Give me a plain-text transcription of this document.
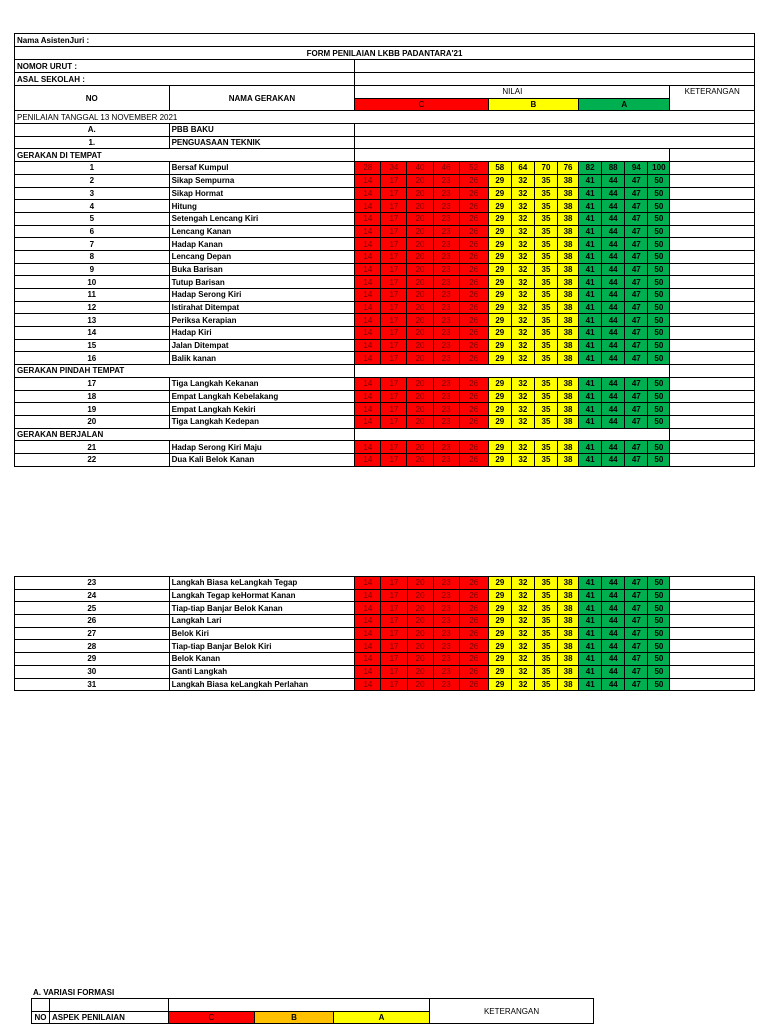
Nama AsistenJuri :															
FORM PENILAIAN LKBB PADANTARA'21															
NOMOR URUT :															
ASAL SEKOLAH :															
NO	NAMA GERAKAN	NILAI													KETERANGAN
		C					B				A				
PENILAIAN TANGGAL 13 NOVEMBER 2021															
A.	PBB BAKU														
1.	PENGUASAAN TEKNIK														
GERAKAN DI TEMPAT															
1	Bersaf Kumpul	28	34	40	46	52	58	64	70	76	82	88	94	100	
2	Sikap Sempurna	14	17	20	23	26	29	32	35	38	41	44	47	50	
3	Sikap Hormat	14	17	20	23	26	29	32	35	38	41	44	47	50	
4	Hitung	14	17	20	23	26	29	32	35	38	41	44	47	50	
5	Setengah Lencang Kiri	14	17	20	23	26	29	32	35	38	41	44	47	50	
6	Lencang Kanan	14	17	20	23	26	29	32	35	38	41	44	47	50	
7	Hadap Kanan	14	17	20	23	26	29	32	35	38	41	44	47	50	
8	Lencang Depan	14	17	20	23	26	29	32	35	38	41	44	47	50	
9	Buka Barisan	14	17	20	23	26	29	32	35	38	41	44	47	50	
10	Tutup Barisan	14	17	20	23	26	29	32	35	38	41	44	47	50	
11	Hadap Serong Kiri	14	17	20	23	26	29	32	35	38	41	44	47	50	
12	Istirahat Ditempat	14	17	20	23	26	29	32	35	38	41	44	47	50	
13	Periksa Kerapian	14	17	20	23	26	29	32	35	38	41	44	47	50	
14	Hadap Kiri	14	17	20	23	26	29	32	35	38	41	44	47	50	
15	Jalan Ditempat	14	17	20	23	26	29	32	35	38	41	44	47	50	
16	Balik kanan	14	17	20	23	26	29	32	35	38	41	44	47	50	
GERAKAN PINDAH TEMPAT															
17	Tiga Langkah Kekanan	14	17	20	23	26	29	32	35	38	41	44	47	50	
18	Empat Langkah Kebelakang	14	17	20	23	26	29	32	35	38	41	44	47	50	
19	Empat Langkah Kekiri	14	17	20	23	26	29	32	35	38	41	44	47	50	
20	Tiga Langkah Kedepan	14	17	20	23	26	29	32	35	38	41	44	47	50	
GERAKAN BERJALAN															
21	Hadap Serong Kiri Maju	14	17	20	23	26	29	32	35	38	41	44	47	50	
22	Dua Kali Belok Kanan	14	17	20	23	26	29	32	35	38	41	44	47	50	
23	Langkah Biasa keLangkah Tegap	14	17	20	23	26	29	32	35	38	41	44	47	50	
24	Langkah Tegap keHormat Kanan	14	17	20	23	26	29	32	35	38	41	44	47	50	
25	Tiap-tiap Banjar Belok Kanan	14	17	20	23	26	29	32	35	38	41	44	47	50	
26	Langkah Lari	14	17	20	23	26	29	32	35	38	41	44	47	50	
27	Belok Kiri	14	17	20	23	26	29	32	35	38	41	44	47	50	
28	Tiap-tiap Banjar Belok Kiri	14	17	20	23	26	29	32	35	38	41	44	47	50	
29	Belok Kanan	14	17	20	23	26	29	32	35	38	41	44	47	50	
30	Ganti Langkah	14	17	20	23	26	29	32	35	38	41	44	47	50	
31	Langkah Biasa keLangkah Perlahan	14	17	20	23	26	29	32	35	38	41	44	47	50	
A. VARIASI FORMASI
					KETERANGAN
NO	ASPEK PENILAIAN	C	B	A	
